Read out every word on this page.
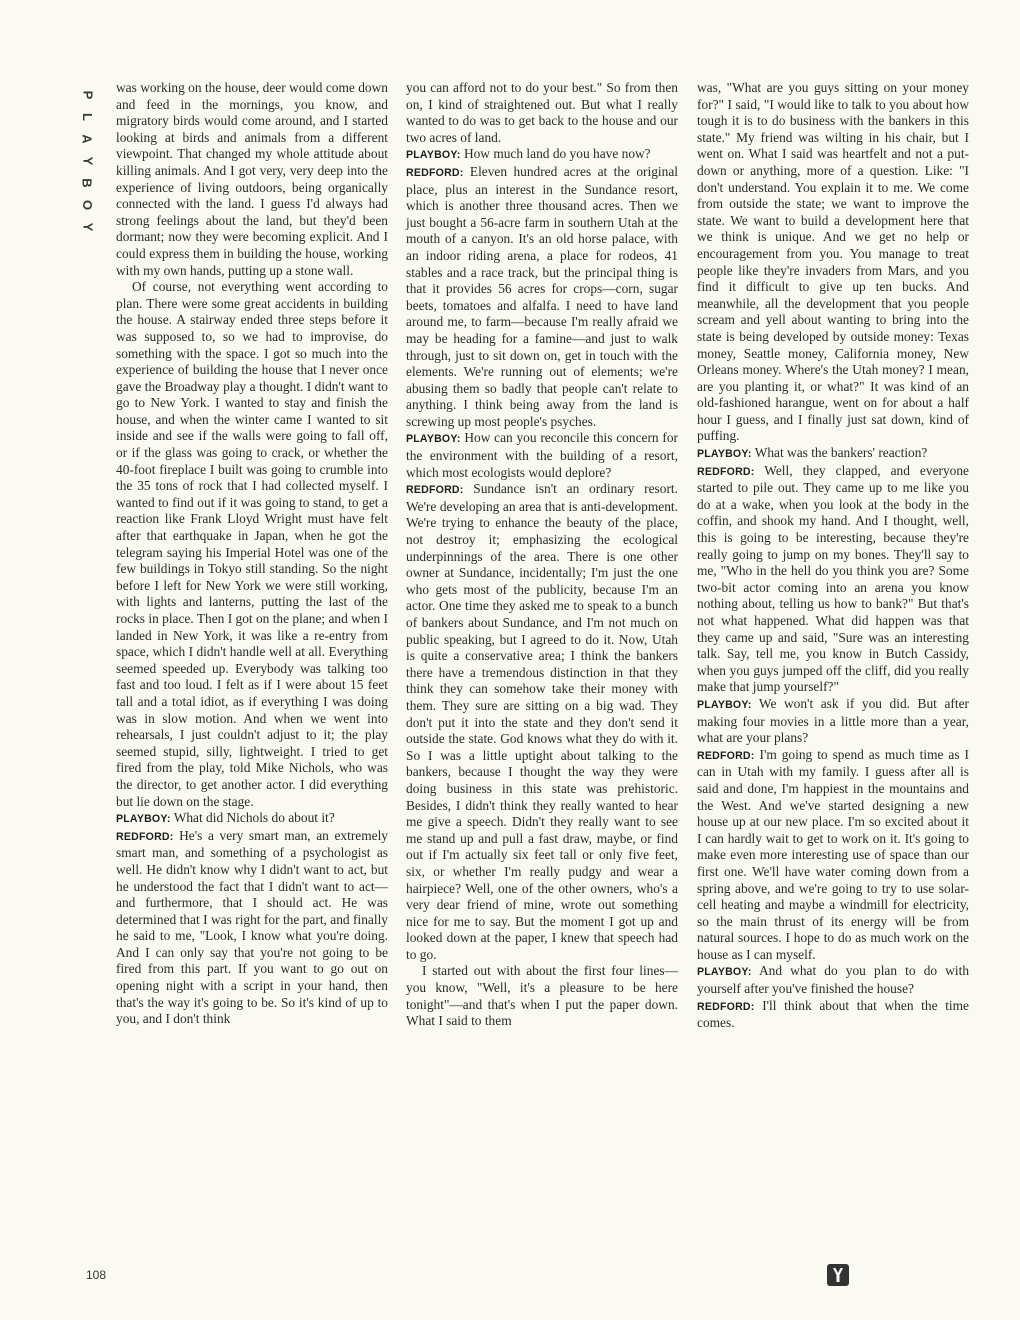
P
L
A
Y
B
O
Y

was working on the house, deer would come down and feed in the mornings, you know, and migratory birds would come around, and I started looking at birds and animals from a different viewpoint. That changed my whole attitude about killing animals. And I got very, very deep into the experience of living outdoors, being organically connected with the land. I guess I'd always had strong feelings about the land, but they'd been dormant; now they were becoming explicit. And I could express them in building the house, working with my own hands, putting up a stone wall.

Of course, not everything went according to plan. There were some great accidents in building the house. A stairway ended three steps before it was supposed to, so we had to improvise, do something with the space. I got so much into the experience of building the house that I never once gave the Broadway play a thought. I didn't want to go to New York. I wanted to stay and finish the house, and when the winter came I wanted to sit inside and see if the walls were going to fall off, or if the glass was going to crack, or whether the 40-foot fireplace I built was going to crumble into the 35 tons of rock that I had collected myself. I wanted to find out if it was going to stand, to get a reaction like Frank Lloyd Wright must have felt after that earthquake in Japan, when he got the telegram saying his Imperial Hotel was one of the few buildings in Tokyo still standing. So the night before I left for New York we were still working, with lights and lanterns, putting the last of the rocks in place. Then I got on the plane; and when I landed in New York, it was like a re-entry from space, which I didn't handle well at all. Everything seemed speeded up. Everybody was talking too fast and too loud. I felt as if I were about 15 feet tall and a total idiot, as if everything I was doing was in slow motion. And when we went into rehearsals, I just couldn't adjust to it; the play seemed stupid, silly, lightweight. I tried to get fired from the play, told Mike Nichols, who was the director, to get another actor. I did everything but lie down on the stage.

PLAYBOY: What did Nichols do about it?

REDFORD: He's a very smart man, an extremely smart man, and something of a psychologist as well. He didn't know why I didn't want to act, but he understood the fact that I didn't want to act—and furthermore, that I should act. He was determined that I was right for the part, and finally he said to me, "Look, I know what you're doing. And I can only say that you're not going to be fired from this part. If you want to go out on opening night with a script in your hand, then that's the way it's going to be. So it's kind of up to you, and I don't think

you can afford not to do your best." So from then on, I kind of straightened out. But what I really wanted to do was to get back to the house and our two acres of land.

PLAYBOY: How much land do you have now?

REDFORD: Eleven hundred acres at the original place, plus an interest in the Sundance resort, which is another three thousand acres. Then we just bought a 56-acre farm in southern Utah at the mouth of a canyon. It's an old horse palace, with an indoor riding arena, a place for rodeos, 41 stables and a race track, but the principal thing is that it provides 56 acres for crops—corn, sugar beets, tomatoes and alfalfa. I need to have land around me, to farm—because I'm really afraid we may be heading for a famine—and just to walk through, just to sit down on, get in touch with the elements. We're running out of elements; we're abusing them so badly that people can't relate to anything. I think being away from the land is screwing up most people's psyches.

PLAYBOY: How can you reconcile this concern for the environment with the building of a resort, which most ecologists would deplore?

REDFORD: Sundance isn't an ordinary resort. We're developing an area that is anti-development. We're trying to enhance the beauty of the place, not destroy it; emphasizing the ecological underpinnings of the area. There is one other owner at Sundance, incidentally; I'm just the one who gets most of the publicity, because I'm an actor. One time they asked me to speak to a bunch of bankers about Sundance, and I'm not much on public speaking, but I agreed to do it. Now, Utah is quite a conservative area; I think the bankers there have a tremendous distinction in that they think they can somehow take their money with them. They sure are sitting on a big wad. They don't put it into the state and they don't send it outside the state. God knows what they do with it. So I was a little uptight about talking to the bankers, because I thought the way they were doing business in this state was prehistoric. Besides, I didn't think they really wanted to hear me give a speech. Didn't they really want to see me stand up and pull a fast draw, maybe, or find out if I'm actually six feet tall or only five feet, six, or whether I'm really pudgy and wear a hairpiece? Well, one of the other owners, who's a very dear friend of mine, wrote out something nice for me to say. But the moment I got up and looked down at the paper, I knew that speech had to go.

I started out with about the first four lines—you know, "Well, it's a pleasure to be here tonight"—and that's when I put the paper down. What I said to them

was, "What are you guys sitting on your money for?" I said, "I would like to talk to you about how tough it is to do business with the bankers in this state." My friend was wilting in his chair, but I went on. What I said was heartfelt and not a put-down or anything, more of a question. Like: "I don't understand. You explain it to me. We come from outside the state; we want to improve the state. We want to build a development here that we think is unique. And we get no help or encouragement from you. You manage to treat people like they're invaders from Mars, and you find it difficult to give up ten bucks. And meanwhile, all the development that you people scream and yell about wanting to bring into the state is being developed by outside money: Texas money, Seattle money, California money, New Orleans money. Where's the Utah money? I mean, are you planting it, or what?" It was kind of an old-fashioned harangue, went on for about a half hour I guess, and I finally just sat down, kind of puffing.

PLAYBOY: What was the bankers' reaction?

REDFORD: Well, they clapped, and everyone started to pile out. They came up to me like you do at a wake, when you look at the body in the coffin, and shook my hand. And I thought, well, this is going to be interesting, because they're really going to jump on my bones. They'll say to me, "Who in the hell do you think you are? Some two-bit actor coming into an arena you know nothing about, telling us how to bank?" But that's not what happened. What did happen was that they came up and said, "Sure was an interesting talk. Say, tell me, you know in Butch Cassidy, when you guys jumped off the cliff, did you really make that jump yourself?"

PLAYBOY: We won't ask if you did. But after making four movies in a little more than a year, what are your plans?

REDFORD: I'm going to spend as much time as I can in Utah with my family. I guess after all is said and done, I'm happiest in the mountains and the West. And we've started designing a new house up at our new place. I'm so excited about it I can hardly wait to get to work on it. It's going to make even more interesting use of space than our first one. We'll have water coming down from a spring above, and we're going to try to use solar-cell heating and maybe a windmill for electricity, so the main thrust of its energy will be from natural sources. I hope to do as much work on the house as I can myself.

PLAYBOY: And what do you plan to do with yourself after you've finished the house?

REDFORD: I'll think about that when the time comes.

108
